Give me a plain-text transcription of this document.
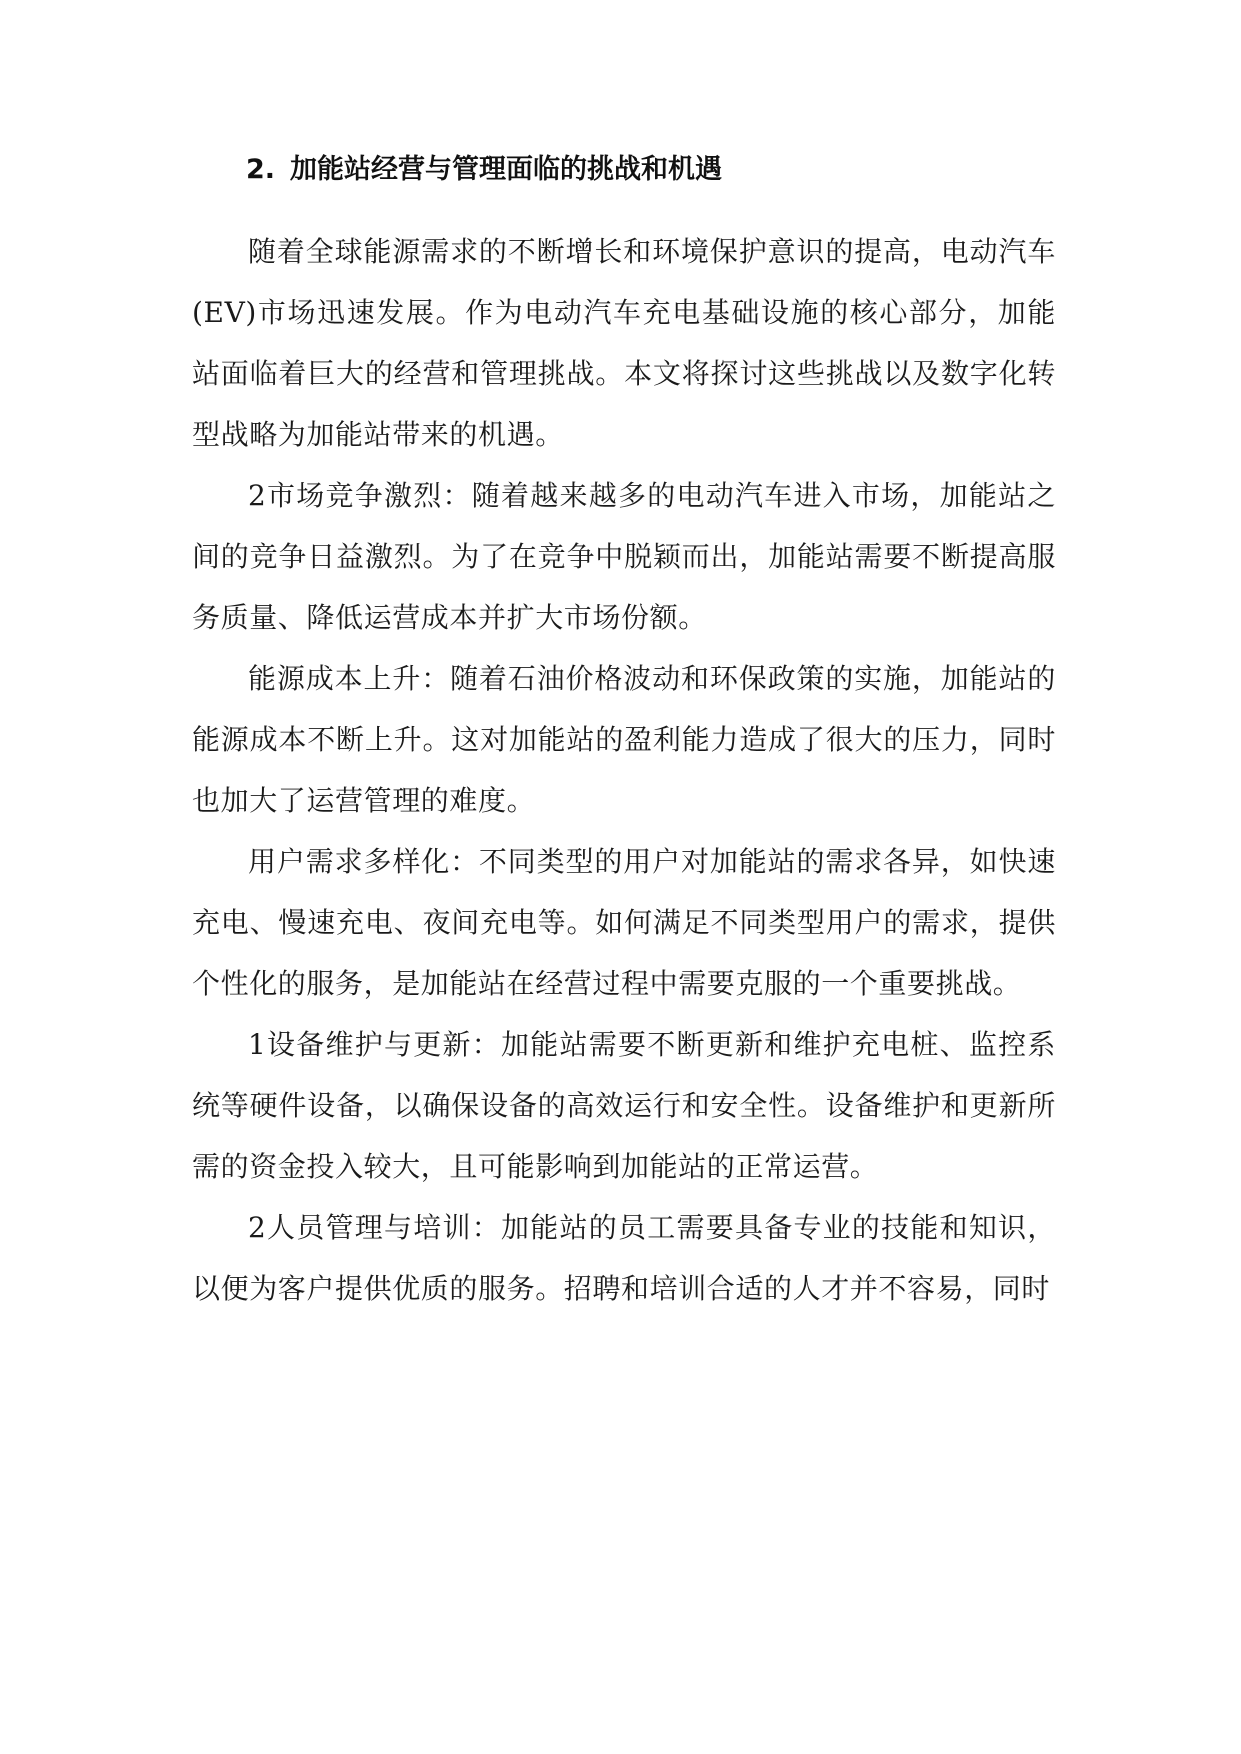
2. 加能站经营与管理面临的挑战和机遇

随着全球能源需求的不断增长和环境保护意识的提高，电动汽车(EV)市场迅速发展。作为电动汽车充电基础设施的核心部分，加能站面临着巨大的经营和管理挑战。本文将探讨这些挑战以及数字化转型战略为加能站带来的机遇。

2市场竞争激烈：随着越来越多的电动汽车进入市场，加能站之间的竞争日益激烈。为了在竞争中脱颖而出，加能站需要不断提高服务质量、降低运营成本并扩大市场份额。

能源成本上升：随着石油价格波动和环保政策的实施，加能站的能源成本不断上升。这对加能站的盈利能力造成了很大的压力，同时也加大了运营管理的难度。

用户需求多样化：不同类型的用户对加能站的需求各异，如快速充电、慢速充电、夜间充电等。如何满足不同类型用户的需求，提供个性化的服务，是加能站在经营过程中需要克服的一个重要挑战。

1设备维护与更新：加能站需要不断更新和维护充电桩、监控系统等硬件设备，以确保设备的高效运行和安全性。设备维护和更新所需的资金投入较大，且可能影响到加能站的正常运营。

2人员管理与培训：加能站的员工需要具备专业的技能和知识，以便为客户提供优质的服务。招聘和培训合适的人才并不容易，同时
